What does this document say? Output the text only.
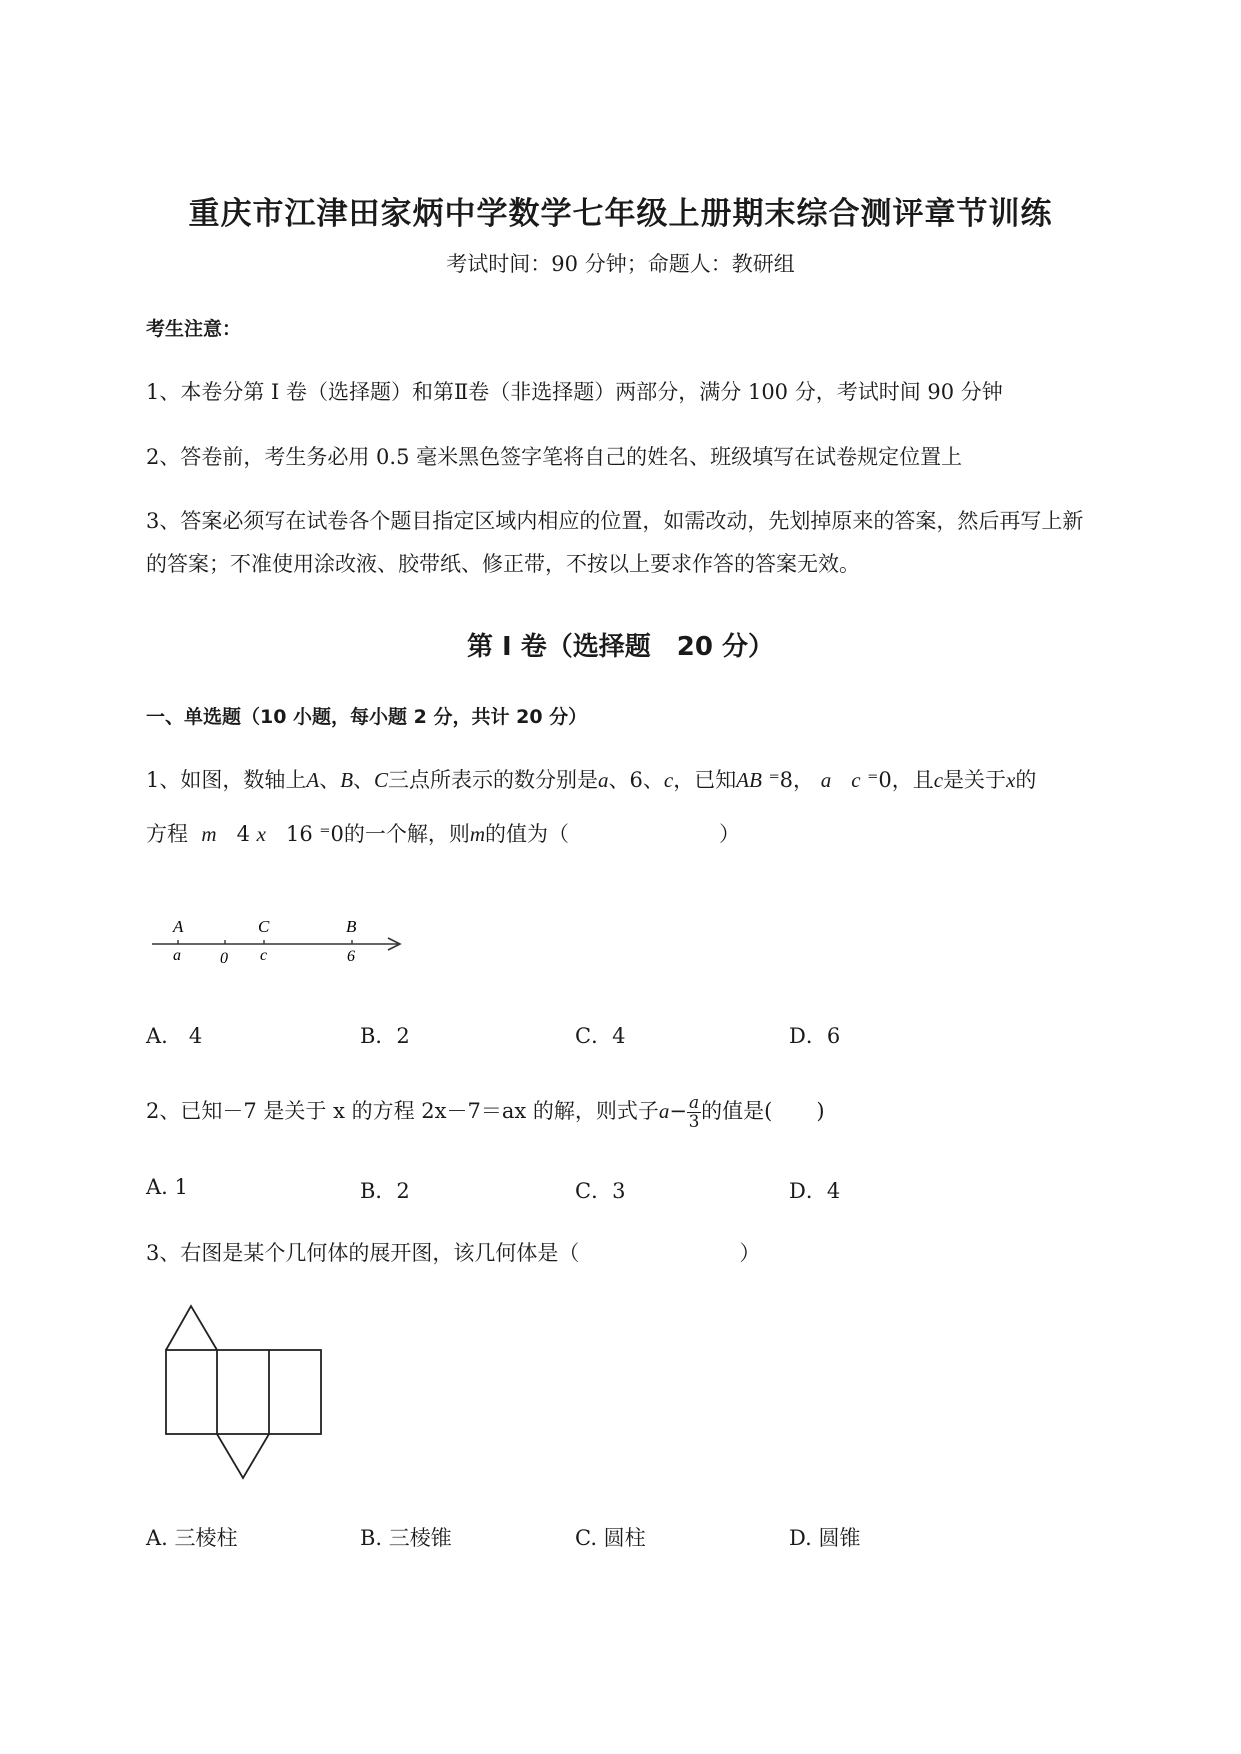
重庆市江津田家炳中学数学七年级上册期末综合测评章节训练
考试时间：90 分钟；命题人：教研组
考生注意：
1、本卷分第 I 卷（选择题）和第Ⅱ卷（非选择题）两部分，满分 100 分，考试时间 90 分钟
2、答卷前，考生务必用 0.5 毫米黑色签字笔将自己的姓名、班级填写在试卷规定位置上
3、答案必须写在试卷各个题目指定区域内相应的位置，如需改动，先划掉原来的答案，然后再写上新
的答案；不准使用涂改液、胶带纸、修正带，不按以上要求作答的答案无效。
第 I 卷（选择题　20 分）
一、单选题（10 小题，每小题 2 分，共计 20 分）
1、如图，数轴上A、B、C三点所表示的数分别是a、6、c，已知AB ⁼8， a c ⁼0，且c是关于x的
方程 m 4 x 16 ⁼0的一个解，则m的值为（	）
A	C	B
a 0 c	6
A.　4	B．2	C．4	D．6
2、已知－7 是关于 x 的方程 2x－7＝ax 的解，则式子$a- \frac{a}{3}$ 的值是( )
A. 1	B．2	C．3	D．4
3、右图是某个几何体的展开图，该几何体是（	）
A. 三棱柱	B. 三棱锥	C. 圆柱	D. 圆锥
